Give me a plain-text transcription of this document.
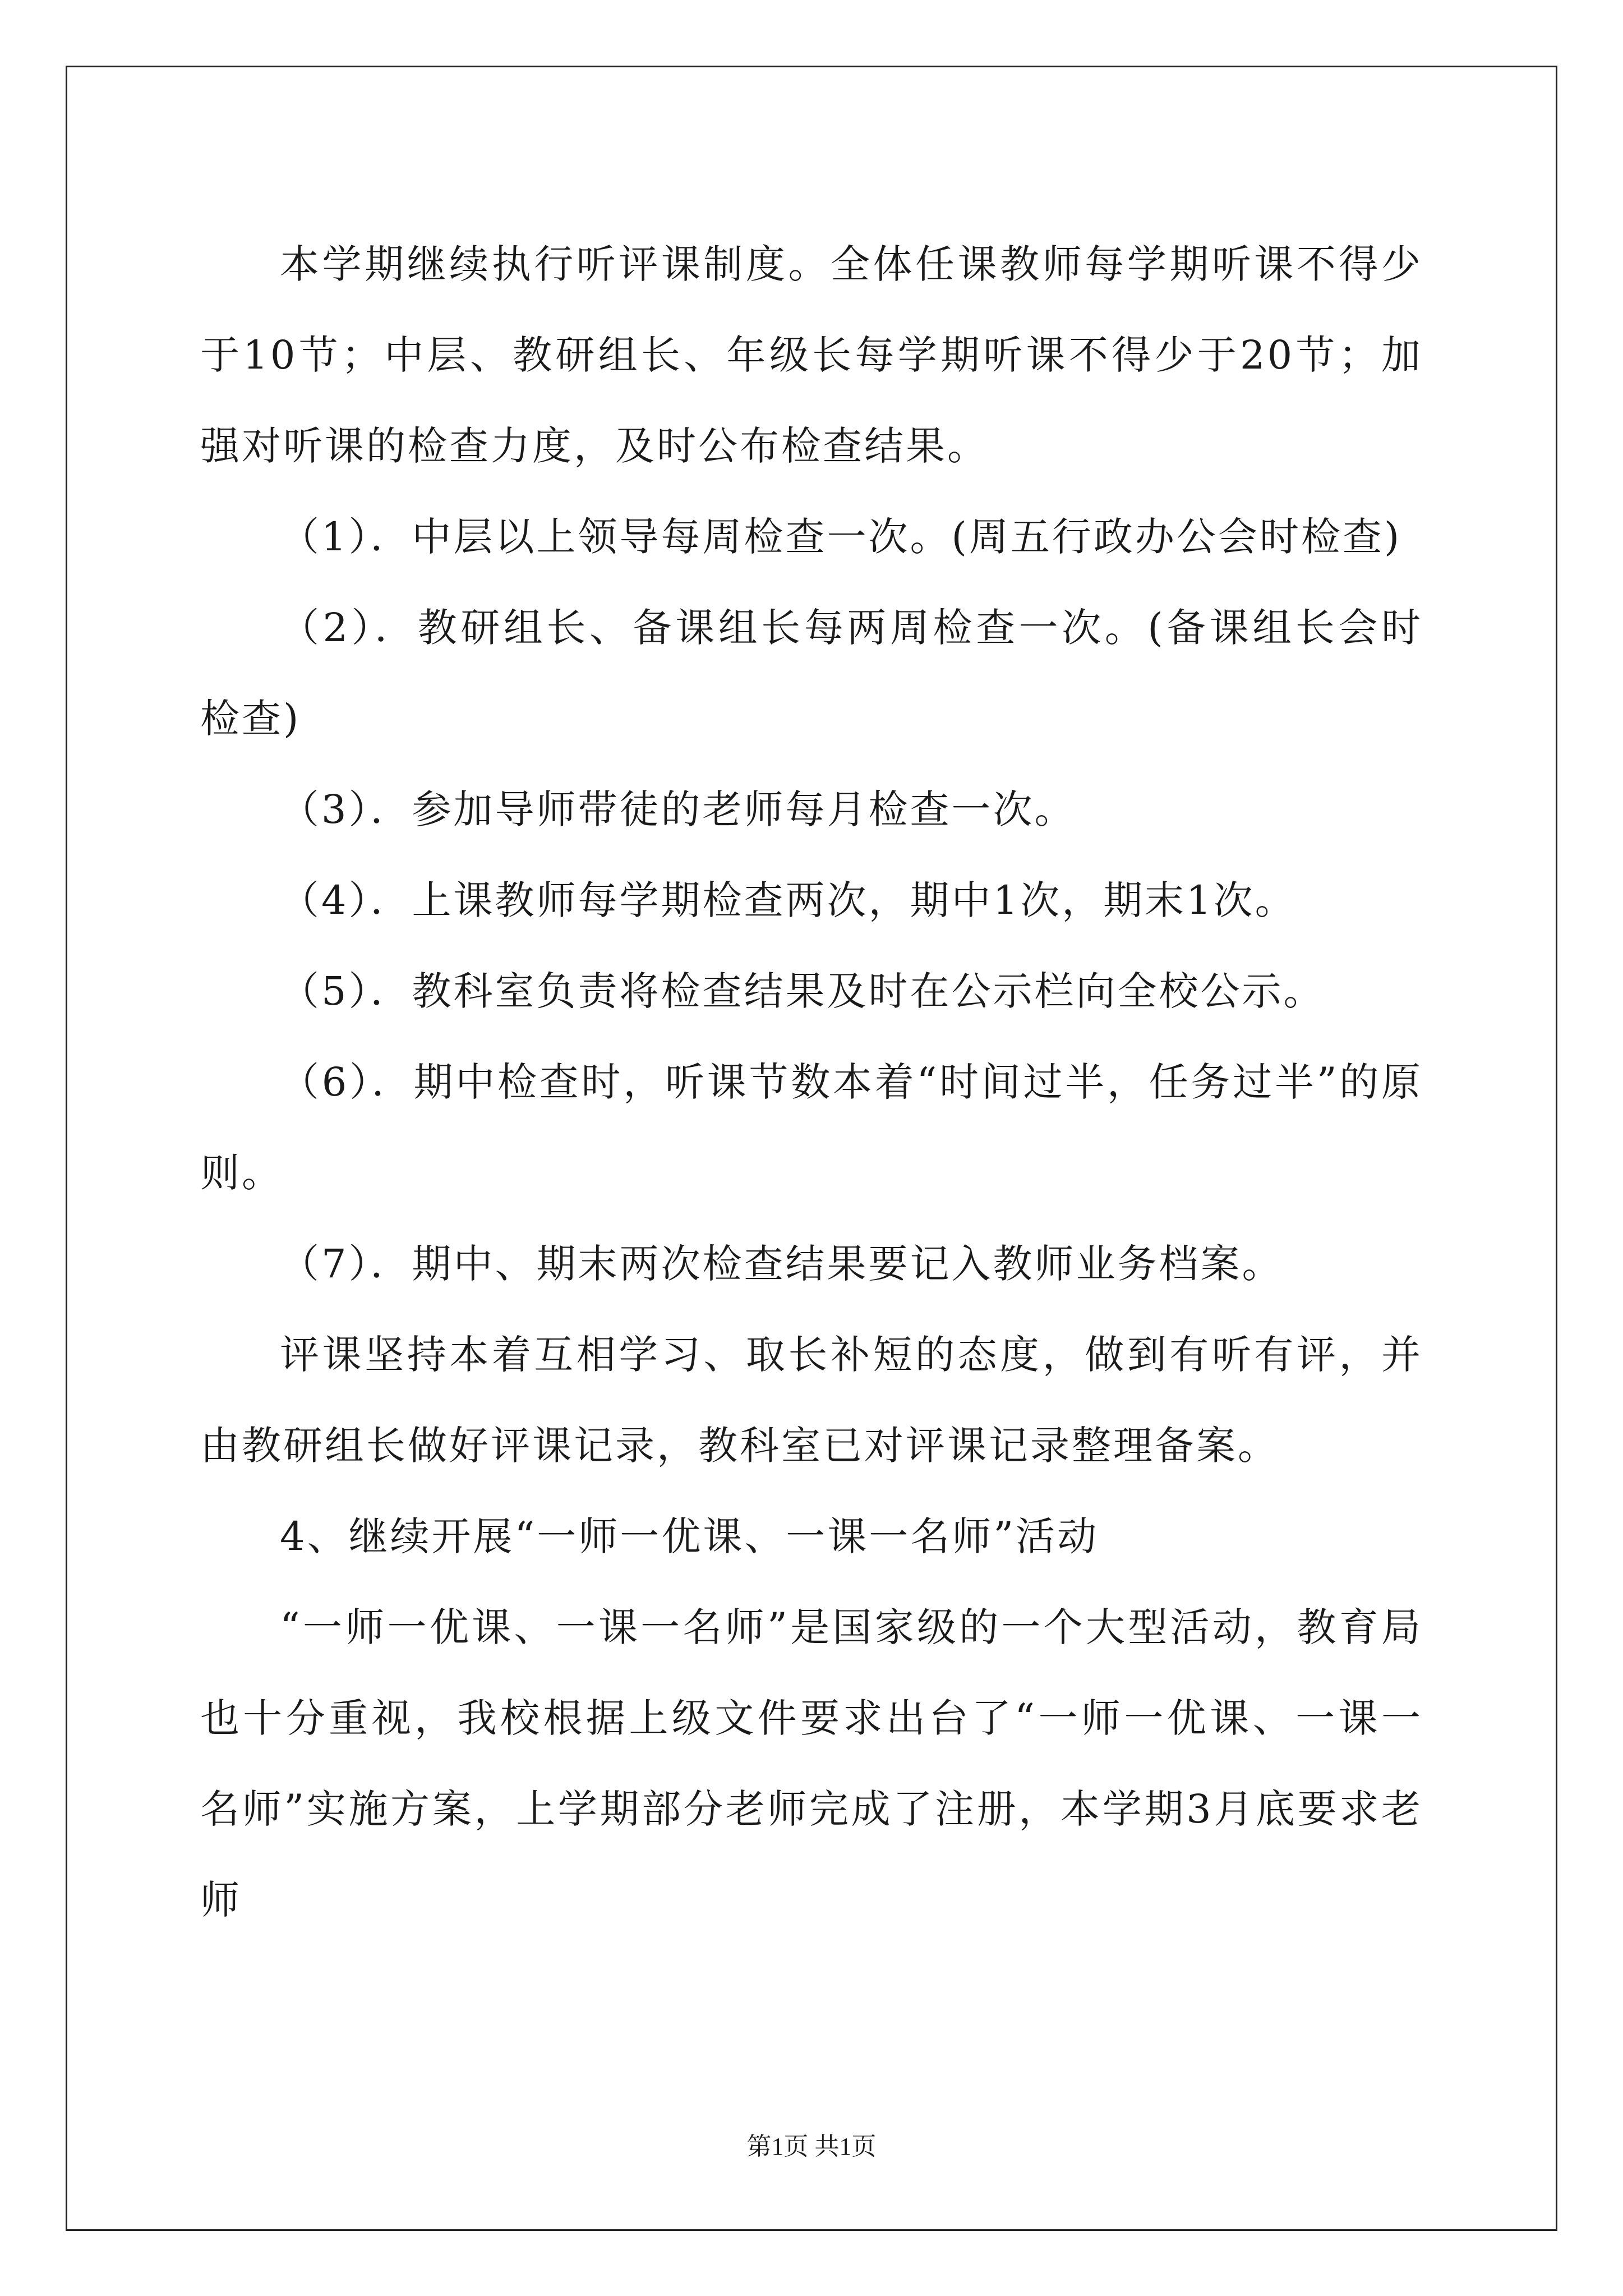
本学期继续执行听评课制度。全体任课教师每学期听课不得少于10节；中层、教研组长、年级长每学期听课不得少于20节；加强对听课的检查力度，及时公布检查结果。

（1）．中层以上领导每周检查一次。(周五行政办公会时检查)

（2）．教研组长、备课组长每两周检查一次。(备课组长会时检查)

（3）．参加导师带徒的老师每月检查一次。

（4）．上课教师每学期检查两次，期中1次，期末1次。

（5）．教科室负责将检查结果及时在公示栏向全校公示。

（6）．期中检查时，听课节数本着“时间过半，任务过半”的原则。

（7）．期中、期末两次检查结果要记入教师业务档案。

评课坚持本着互相学习、取长补短的态度，做到有听有评，并由教研组长做好评课记录，教科室已对评课记录整理备案。

4、继续开展“一师一优课、一课一名师”活动

“一师一优课、一课一名师”是国家级的一个大型活动，教育局也十分重视，我校根据上级文件要求出台了“一师一优课、一课一名师”实施方案，上学期部分老师完成了注册，本学期3月底要求老师

第1页 共1页
